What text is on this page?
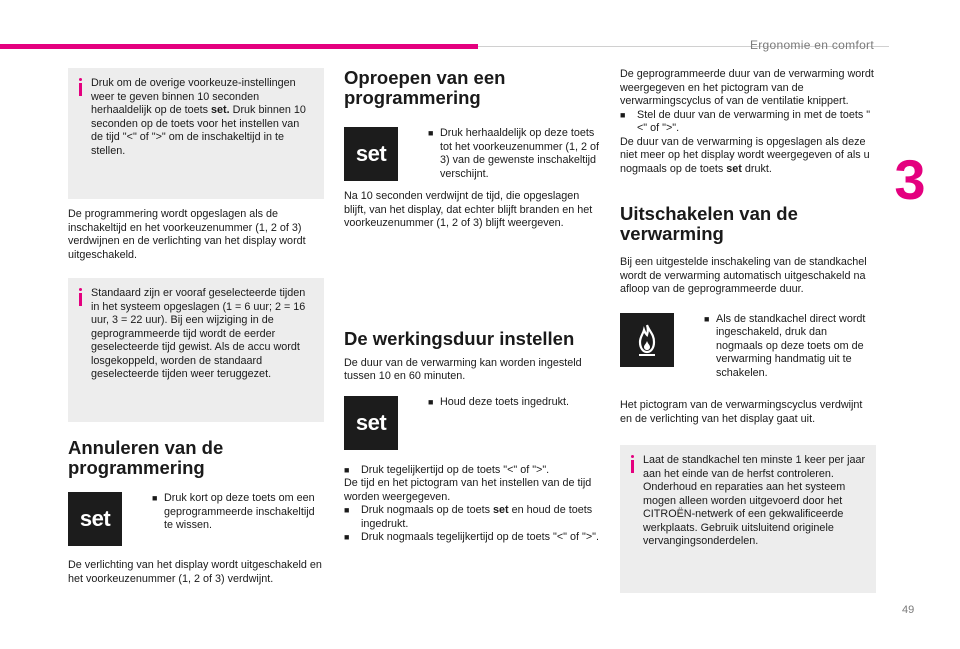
Ergonomie en comfort
3
49
Druk om de overige voorkeuze-instellingen weer te geven binnen 10 seconden herhaaldelijk op de toets set. Druk binnen 10 seconden op de toets voor het instellen van de tijd "<" of ">" om de inschakeltijd in te stellen.
De programmering wordt opgeslagen als de inschakeltijd en het voorkeuzenummer (1, 2 of 3) verdwijnen en de verlichting van het display wordt uitgeschakeld.
Standaard zijn er vooraf geselecteerde tijden in het systeem opgeslagen (1 = 6 uur; 2 = 16 uur, 3 = 22 uur). Bij een wijziging in de geprogrammeerde tijd wordt de eerder geselecteerde tijd gewist. Als de accu wordt losgekoppeld, worden de standaard geselecteerde tijden weer teruggezet.
Annuleren van de programmering
set
■ Druk kort op deze toets om een geprogrammeerde inschakeltijd te wissen.
De verlichting van het display wordt uitgeschakeld en het voorkeuzenummer (1, 2 of 3) verdwijnt.
Oproepen van een programmering
set
■ Druk herhaaldelijk op deze toets tot het voorkeuzenummer (1, 2 of 3) van de gewenste inschakeltijd verschijnt.
Na 10 seconden verdwijnt de tijd, die opgeslagen blijft, van het display, dat echter blijft branden en het voorkeuzenummer (1, 2 of 3) blijft weergeven.
De werkingsduur instellen
De duur van de verwarming kan worden ingesteld tussen 10 en 60 minuten.
set
■ Houd deze toets ingedrukt.
■	Druk tegelijkertijd op de toets "<" of ">".
De tijd en het pictogram van het instellen van de tijd worden weergegeven.
■	Druk nogmaals op de toets set en houd de toets ingedrukt.
■	Druk nogmaals tegelijkertijd op de toets "<" of ">".
De geprogrammeerde duur van de verwarming wordt weergegeven en het pictogram van de verwarmingscyclus of van de ventilatie knippert.
■	Stel de duur van de verwarming in met de toets "<" of ">".
De duur van de verwarming is opgeslagen als deze niet meer op het display wordt weergegeven of als u nogmaals op de toets set drukt.
Uitschakelen van de verwarming
Bij een uitgestelde inschakeling van de standkachel wordt de verwarming automatisch uitgeschakeld na afloop van de geprogrammeerde duur.
■ Als de standkachel direct wordt ingeschakeld, druk dan nogmaals op deze toets om de verwarming handmatig uit te schakelen.
Het pictogram van de verwarmingscyclus verdwijnt en de verlichting van het display gaat uit.
Laat de standkachel ten minste 1 keer per jaar aan het einde van de herfst controleren. Onderhoud en reparaties aan het systeem mogen alleen worden uitgevoerd door het CITROËN-netwerk of een gekwalificeerde werkplaats. Gebruik uitsluitend originele vervangingsonderdelen.
